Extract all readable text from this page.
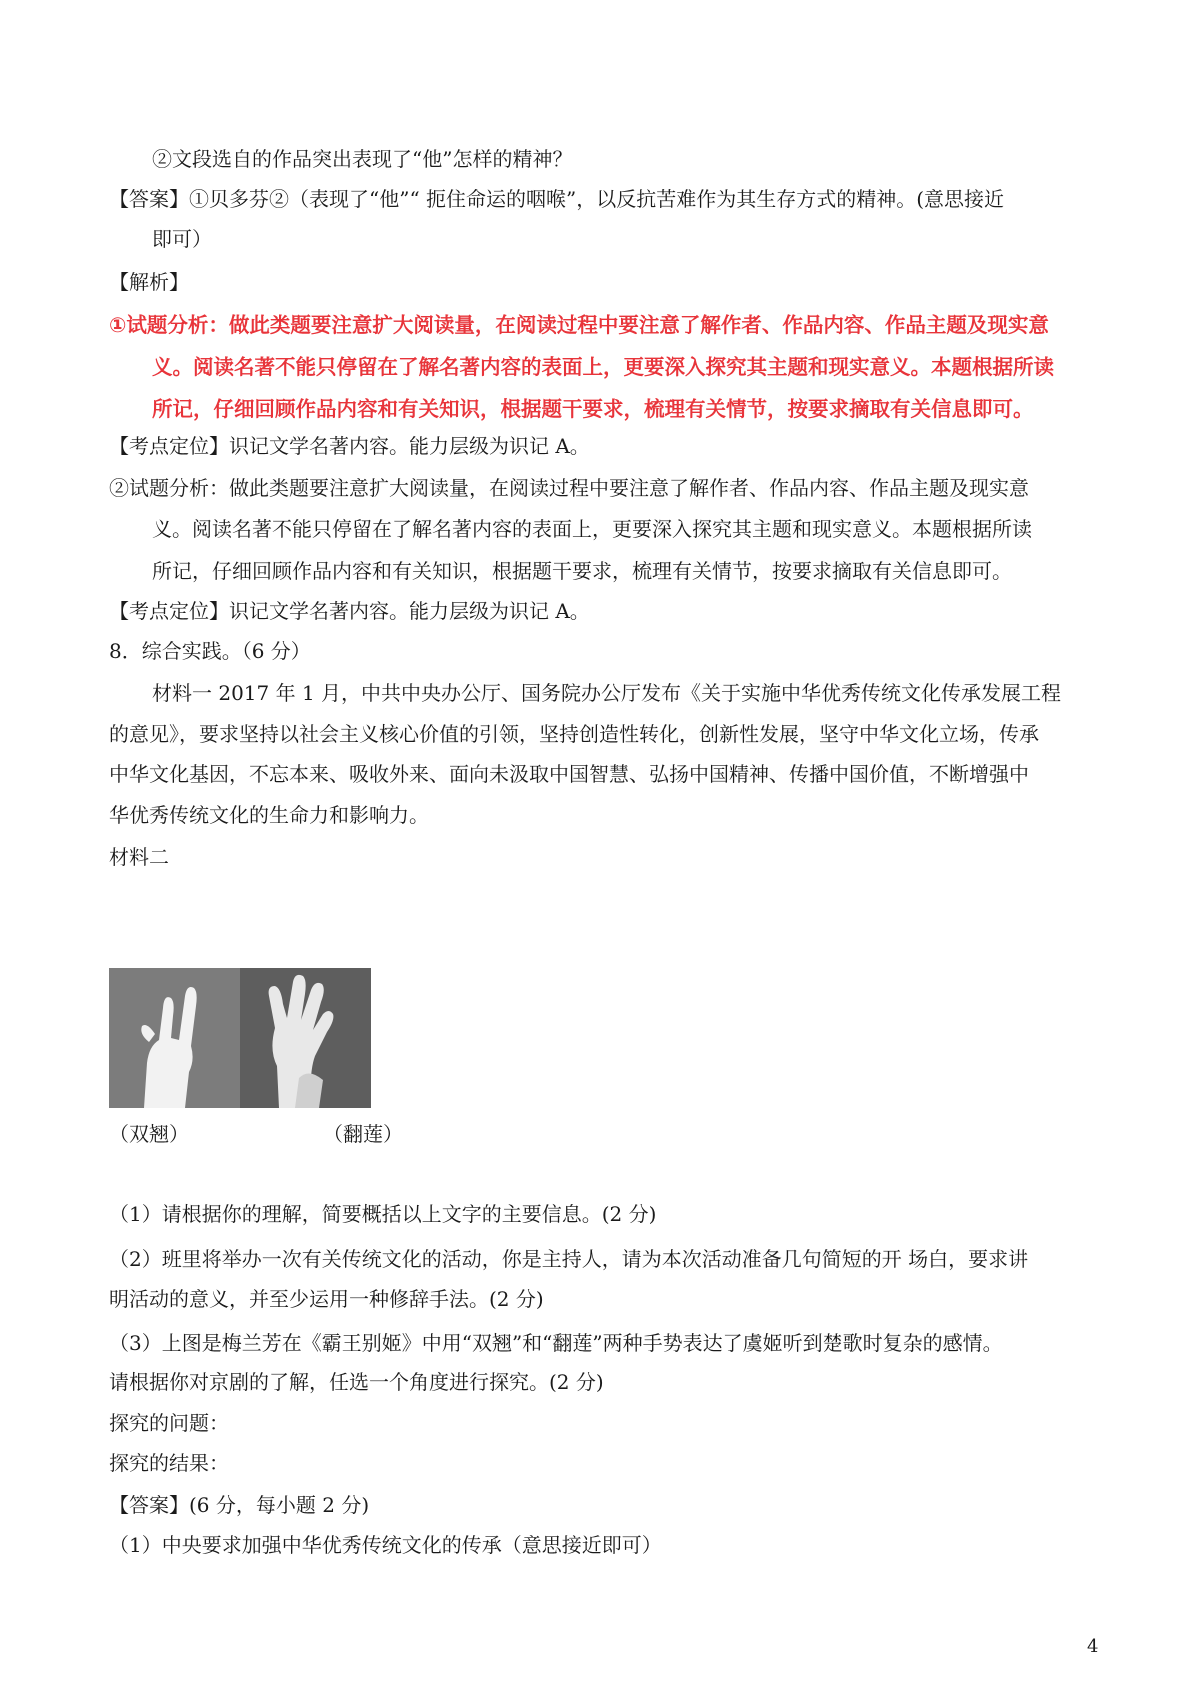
②文段选自的作品突出表现了“他”怎样的精神？
【答案】①贝多芬②（表现了“他”“ 扼住命运的咽喉”，以反抗苦难作为其生存方式的精神。(意思接近
即可）
【解析】
①试题分析：做此类题要注意扩大阅读量，在阅读过程中要注意了解作者、作品内容、作品主题及现实意
义。阅读名著不能只停留在了解名著内容的表面上，更要深入探究其主题和现实意义。本题根据所读
所记，仔细回顾作品内容和有关知识，根据题干要求，梳理有关情节，按要求摘取有关信息即可。
【考点定位】识记文学名著内容。能力层级为识记 A。
②试题分析：做此类题要注意扩大阅读量，在阅读过程中要注意了解作者、作品内容、作品主题及现实意
义。阅读名著不能只停留在了解名著内容的表面上，更要深入探究其主题和现实意义。本题根据所读
所记，仔细回顾作品内容和有关知识，根据题干要求，梳理有关情节，按要求摘取有关信息即可。
【考点定位】识记文学名著内容。能力层级为识记 A。
8．综合实践。（6 分）
材料一 2017 年 1 月，中共中央办公厅、国务院办公厅发布《关于实施中华优秀传统文化传承发展工程
的意见》，要求坚持以社会主义核心价值的引领，坚持创造性转化，创新性发展，坚守中华文化立场，传承
中华文化基因，不忘本来、吸收外来、面向未汲取中国智慧、弘扬中国精神、传播中国价值，不断增强中
华优秀传统文化的生命力和影响力。
材料二
（双翘）	（翻莲）
（1）请根据你的理解，简要概括以上文字的主要信息。(2 分)
（2）班里将举办一次有关传统文化的活动，你是主持人，请为本次活动准备几句简短的开 场白，要求讲
明活动的意义，并至少运用一种修辞手法。(2 分)
（3）上图是梅兰芳在《霸王别姬》中用“双翘”和“翻莲”两种手势表达了虞姬听到楚歌时复杂的感情。
请根据你对京剧的了解，任选一个角度进行探究。(2 分)
探究的问题：
探究的结果：
【答案】(6 分，每小题 2 分)
（1）中央要求加强中华优秀传统文化的传承（意思接近即可）
4
